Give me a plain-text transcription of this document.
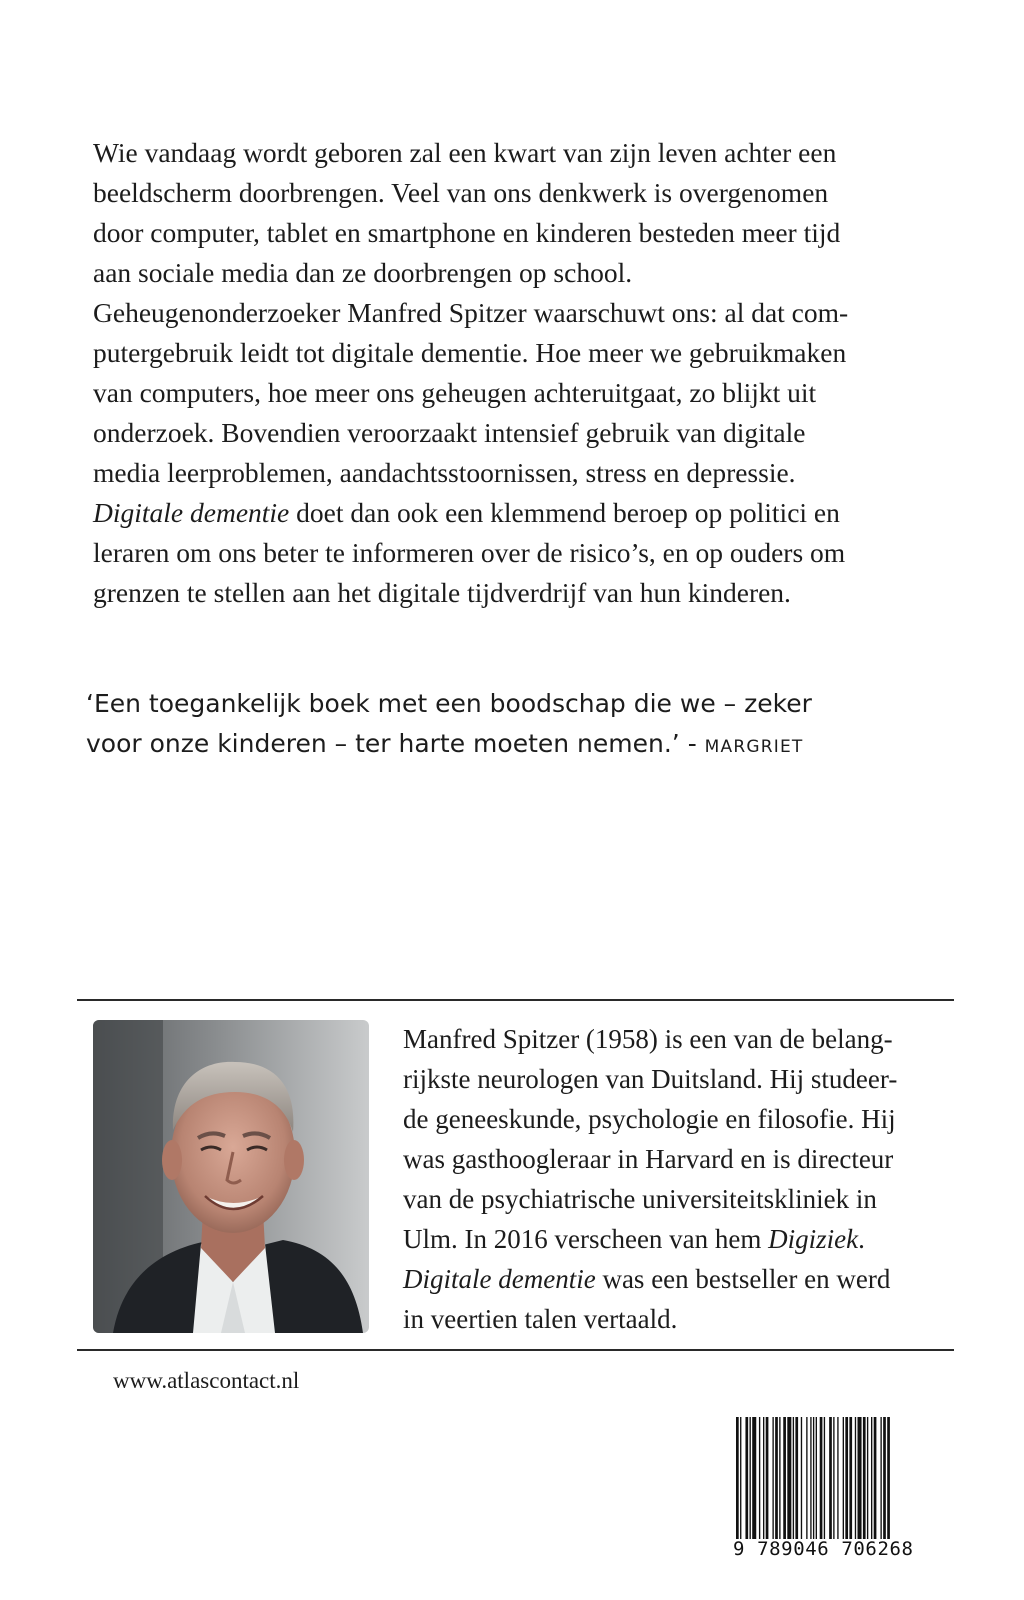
Wie vandaag wordt geboren zal een kwart van zijn leven achter een
beeldscherm doorbrengen. Veel van ons denkwerk is overgenomen
door computer, tablet en smartphone en kinderen besteden meer tijd
aan sociale media dan ze doorbrengen op school.
Geheugenonderzoeker Manfred Spitzer waarschuwt ons: al dat com-
putergebruik leidt tot digitale dementie. Hoe meer we gebruikmaken
van computers, hoe meer ons geheugen achteruitgaat, zo blijkt uit
onderzoek. Bovendien veroorzaakt intensief gebruik van digitale
media leerproblemen, aandachtsstoornissen, stress en depressie.
Digitale dementie doet dan ook een klemmend beroep op politici en
leraren om ons beter te informeren over de risico’s, en op ouders om
grenzen te stellen aan het digitale tijdverdrijf van hun kinderen.
‘Een toegankelijk boek met een boodschap die we – zeker
voor onze kinderen – ter harte moeten nemen.’ - MARGRIET
Manfred Spitzer (1958) is een van de belang-
rijkste neurologen van Duitsland. Hij studeer-
de geneeskunde, psychologie en filosofie. Hij
was gasthoogleraar in Harvard en is directeur
van de psychiatrische universiteitskliniek in
Ulm. In 2016 verscheen van hem Digiziek.
Digitale dementie was een bestseller en werd
in veertien talen vertaald.
www.atlascontact.nl
9 789046 706268
